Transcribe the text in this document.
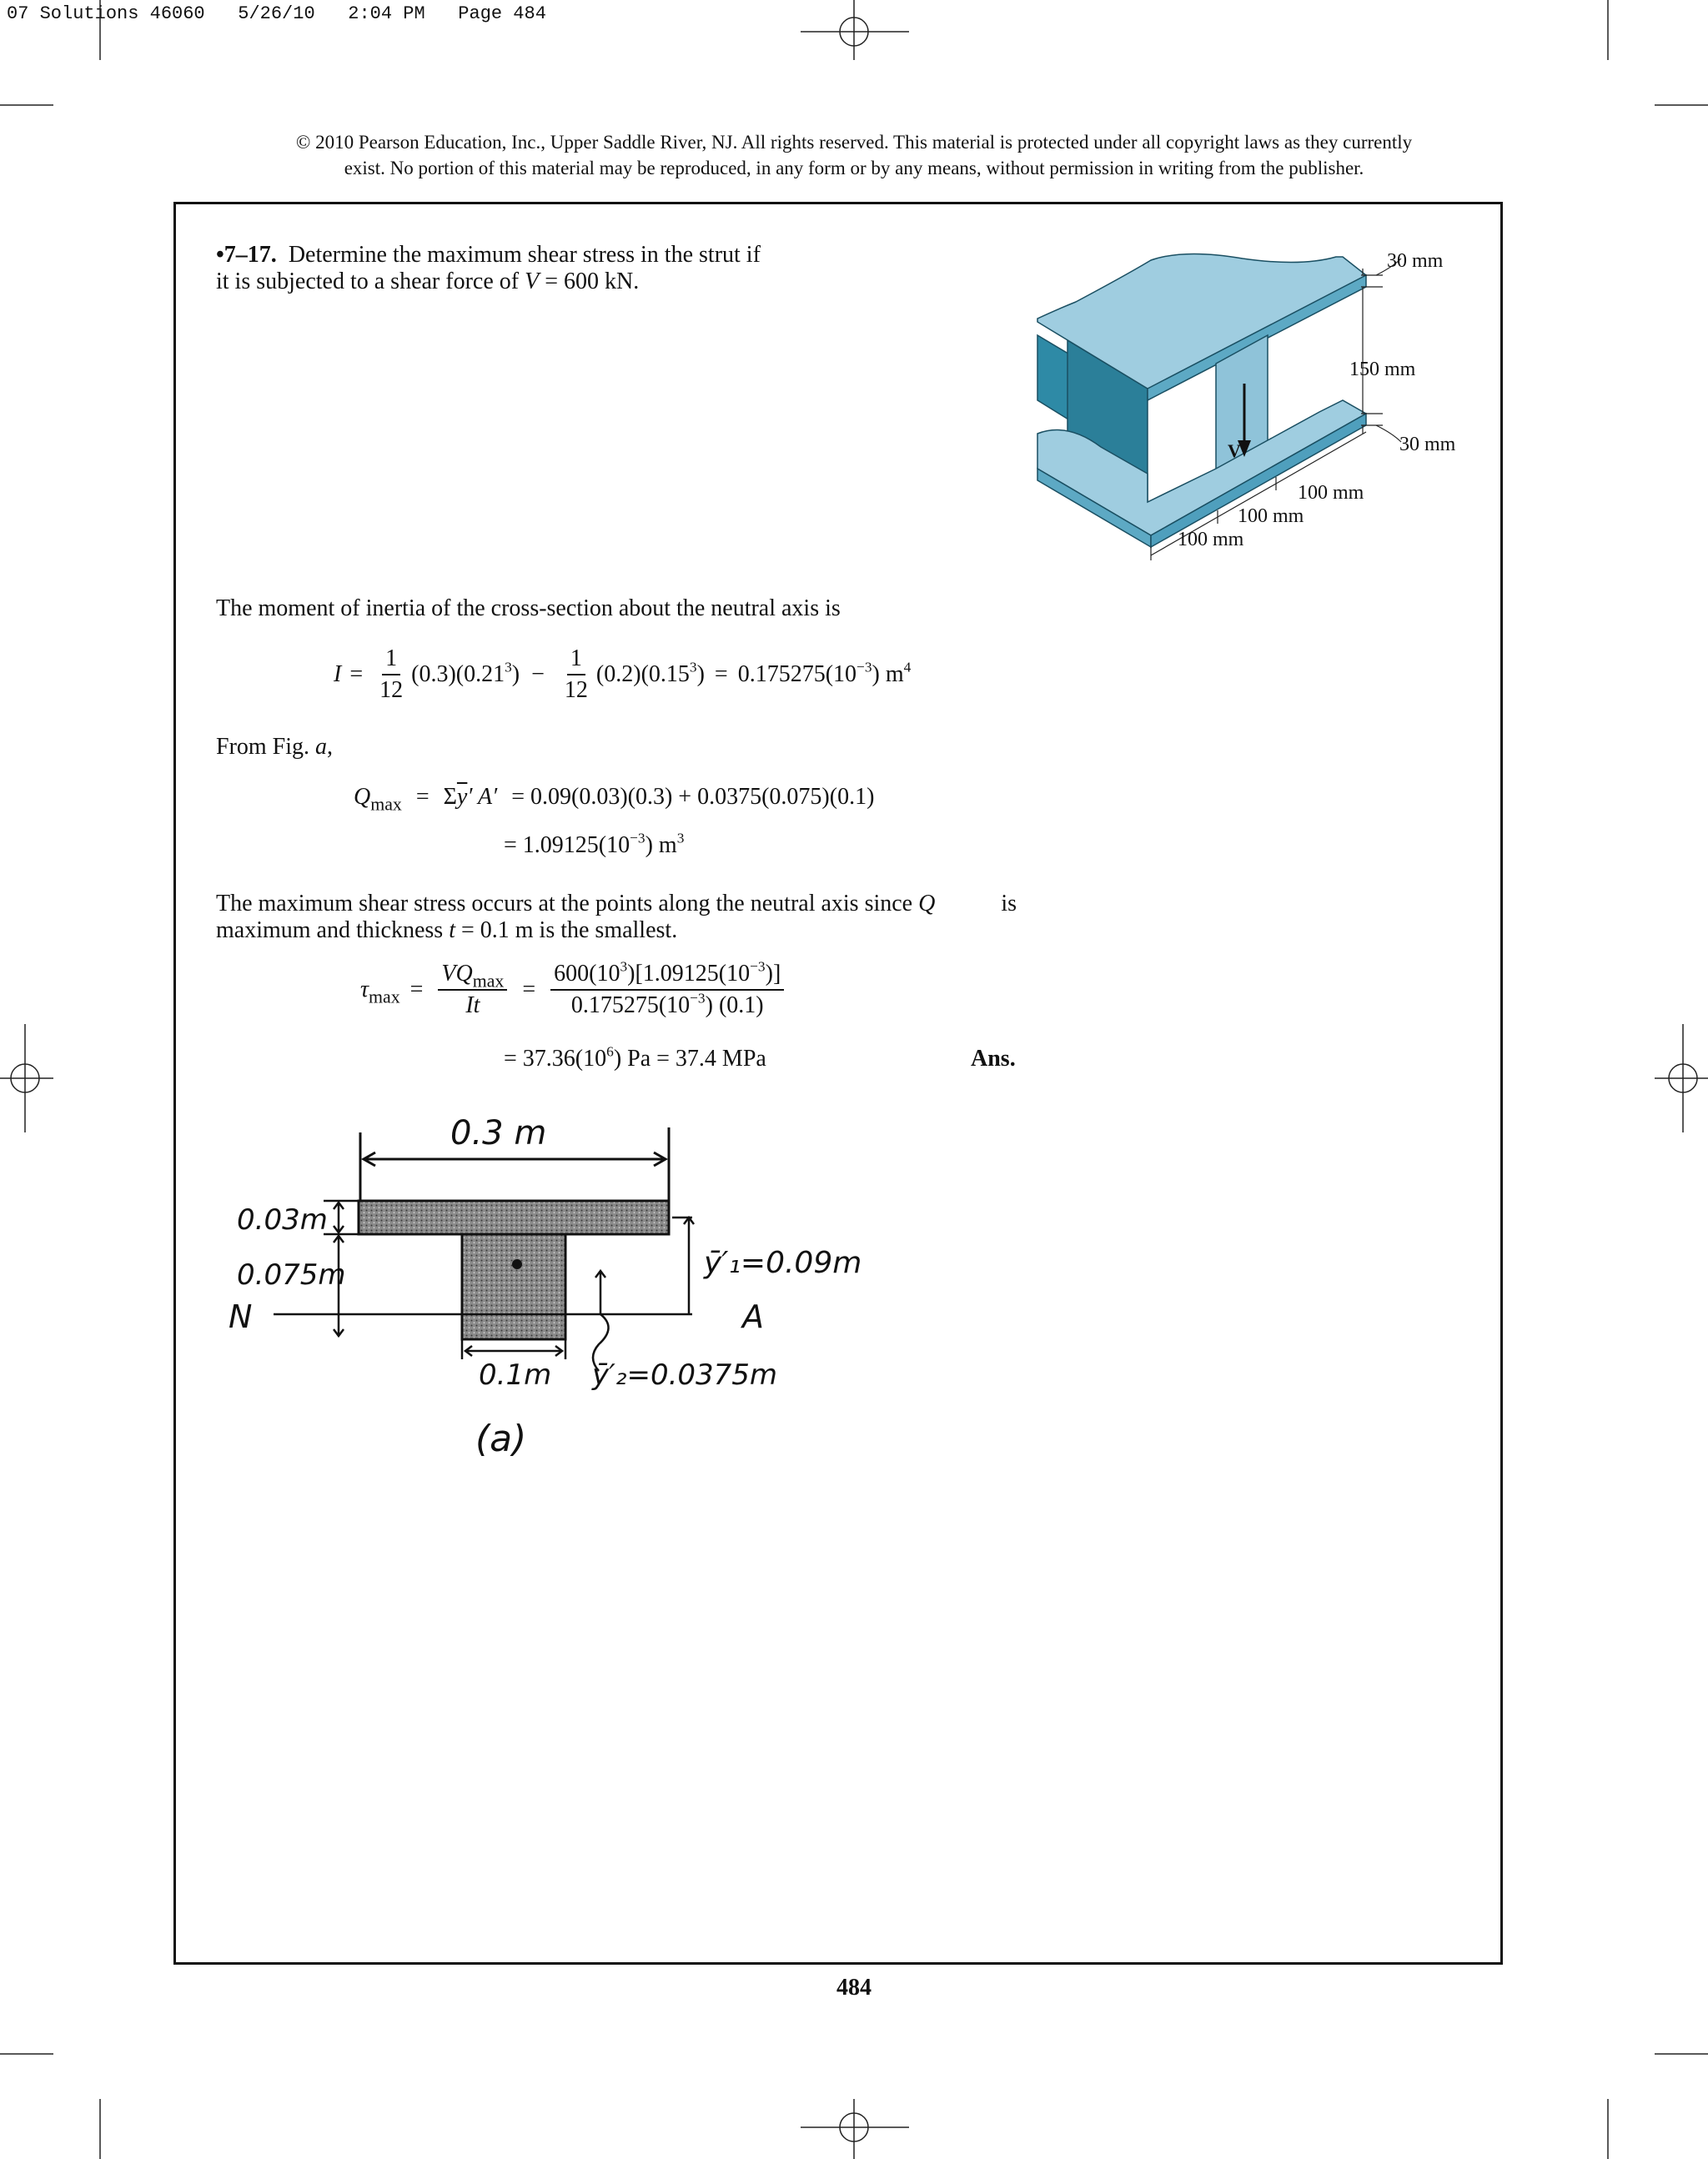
07 Solutions 46060   5/26/10   2:04 PM   Page 484
© 2010 Pearson Education, Inc., Upper Saddle River, NJ. All rights reserved. This material is protected under all copyright laws as they currently
exist. No portion of this material may be reproduced, in any form or by any means, without permission in writing from the publisher.
•7–17. Determine the maximum shear stress in the strut if
it is subjected to a shear force of V = 600 kN.
30 mm
150 mm
30 mm
100 mm
100 mm
100 mm
V
The moment of inertia of the cross-section about the neutral axis is
$I = \frac{1}{12} (0.3)(0.21^3) - \frac{1}{12} (0.2)(0.15^3) = 0.175275(10^{-3})$ $m^4$
From Fig. a,
$Q_{max} = \Sigma\overline{y}'$ A′ = 0.09(0.03)(0.3) + 0.0375(0.075)(0.1)
= $1.09125(10^{-3})$ $m^3$
The maximum shear stress occurs at the points along the neutral axis since Q	is
maximum and thickness t = 0.1 m is the smallest.
$\tau_{max} = \frac{VQ_{max}}{It} = \frac{600(10^3)[1.09125(10^{-3})]}{0.175275(10^{-3}) (0.1)}$
= $37.36(10^6) Pa = 37.4$ MPa	Ans.
0.3 m
0.03m
0.075m
N	A
ȳ′₁=0.09m
0.1m ȳ′₂=0.0375m
(a)
484
